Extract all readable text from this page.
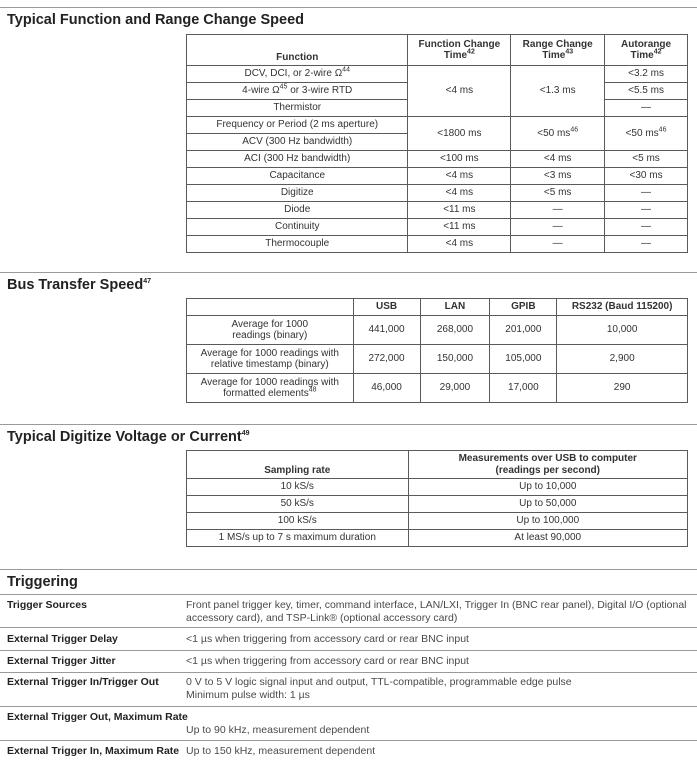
Typical Function and Range Change Speed
Function	Function Change Time$^{42}$	Range Change Time$^{43}$	Autorange Time$^{42}$
DCV, DCI, or 2-wire $\Omega^{44}$	<4 ms	<1.3 ms	<3.2 ms
4-wire $\Omega^{45}$ or 3-wire RTD			<5.5 ms
Thermistor			—
Frequency or Period (2 ms aperture)	<1800 ms	<50 $ms^{46}$	<50 $ms^{46}$
ACV (300 Hz bandwidth)			
ACI (300 Hz bandwidth)	<100 ms	<4 ms	<5 ms
Capacitance	<4 ms	<3 ms	<30 ms
Digitize	<4 ms	<5 ms	—
Diode	<11 ms	—	—
Continuity	<11 ms	—	—
Thermocouple	<4 ms	—	—
Bus Transfer Speed$^{47}$
	USB	LAN	GPIB	RS232 (Baud 115200)
Average for 1000
readings (binary)	441,000	268,000	201,000	10,000
Average for 1000 readings with
relative timestamp (binary)	272,000	150,000	105,000	2,900
Average for 1000 readings with
formatted elements$^{48}$	46,000	29,000	17,000	290
Typical Digitize Voltage or Current$^{49}$
Sampling rate	Measurements over USB to computer
(readings per second)
10 kS/s	Up to 10,000
50 kS/s	Up to 50,000
100 kS/s	Up to 100,000
1 MS/s up to 7 s maximum duration	At least 90,000
Triggering
Trigger Sources	Front panel trigger key, timer, command interface, LAN/LXI, Trigger In (BNC rear panel), Digital I/O (optional
accessory card), and TSP-Link® (optional accessory card)
External Trigger Delay	<1 µs when triggering from accessory card or rear BNC input
External Trigger Jitter	<1 µs when triggering from accessory card or rear BNC input
External Trigger In/Trigger Out	0 V to 5 V logic signal input and output, TTL-compatible, programmable edge pulse
Minimum pulse width: 1 µs
External Trigger Out, Maximum Rate
Up to 90 kHz, measurement dependent
External Trigger In, Maximum Rate Up to 150 kHz, measurement dependent
